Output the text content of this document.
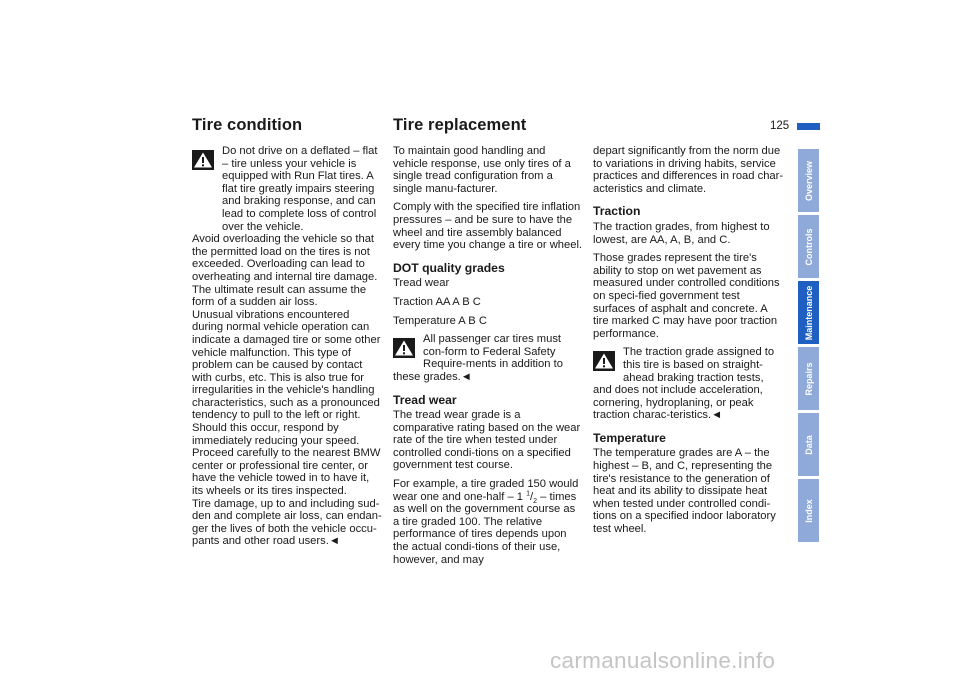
Tire condition	Tire replacement	125

Do not drive on a deflated – flat – tire unless your vehicle is equipped with Run Flat tires. A flat tire greatly impairs steering and braking response, and can lead to complete loss of control over the vehicle.

Avoid overloading the vehicle so that the permitted load on the tires is not exceeded. Overloading can lead to overheating and internal tire damage. The ultimate result can assume the form of a sudden air loss.

Unusual vibrations encountered during normal vehicle operation can indicate a damaged tire or some other vehicle malfunction. This type of problem can be caused by contact with curbs, etc. This is also true for irregularities in the vehicle's handling characteristics, such as a pronounced tendency to pull to the left or right. Should this occur, respond by immediately reducing your speed. Proceed carefully to the nearest BMW center or professional tire center, or have the vehicle towed in to have it, its wheels or its tires inspected.

Tire damage, up to and including sud-den and complete air loss, can endan-ger the lives of both the vehicle occu-pants and other road users.◄

To maintain good handling and vehicle response, use only tires of a single tread configuration from a single manu-facturer.

Comply with the specified tire inflation pressures – and be sure to have the wheel and tire assembly balanced every time you change a tire or wheel.

DOT quality grades

Tread wear

Traction AA A B C

Temperature A B C

All passenger car tires must con-form to Federal Safety Require-ments in addition to these grades.◄

Tread wear

The tread wear grade is a comparative rating based on the wear rate of the tire when tested under controlled condi-tions on a specified government test course.

For example, a tire graded 150 would wear one and one-half – 1 $^1/_2$ – times as well on the government course as a tire graded 100. The relative performance of tires depends upon the actual condi-tions of their use, however, and may

depart significantly from the norm due to variations in driving habits, service practices and differences in road char-acteristics and climate.

Traction

The traction grades, from highest to lowest, are AA, A, B, and C.

Those grades represent the tire's ability to stop on wet pavement as measured under controlled conditions on speci-fied government test surfaces of asphalt and concrete. A tire marked C may have poor traction performance.

The traction grade assigned to this tire is based on straight-ahead braking traction tests, and does not include acceleration, cornering, hydroplaning, or peak traction charac-teristics.◄

Temperature

The temperature grades are A – the highest – B, and C, representing the tire's resistance to the generation of heat and its ability to dissipate heat when tested under controlled condi-tions on a specified indoor laboratory test wheel.

Overview
Controls
Maintenance
Repairs
Data
Index
carmanualsonline.info
